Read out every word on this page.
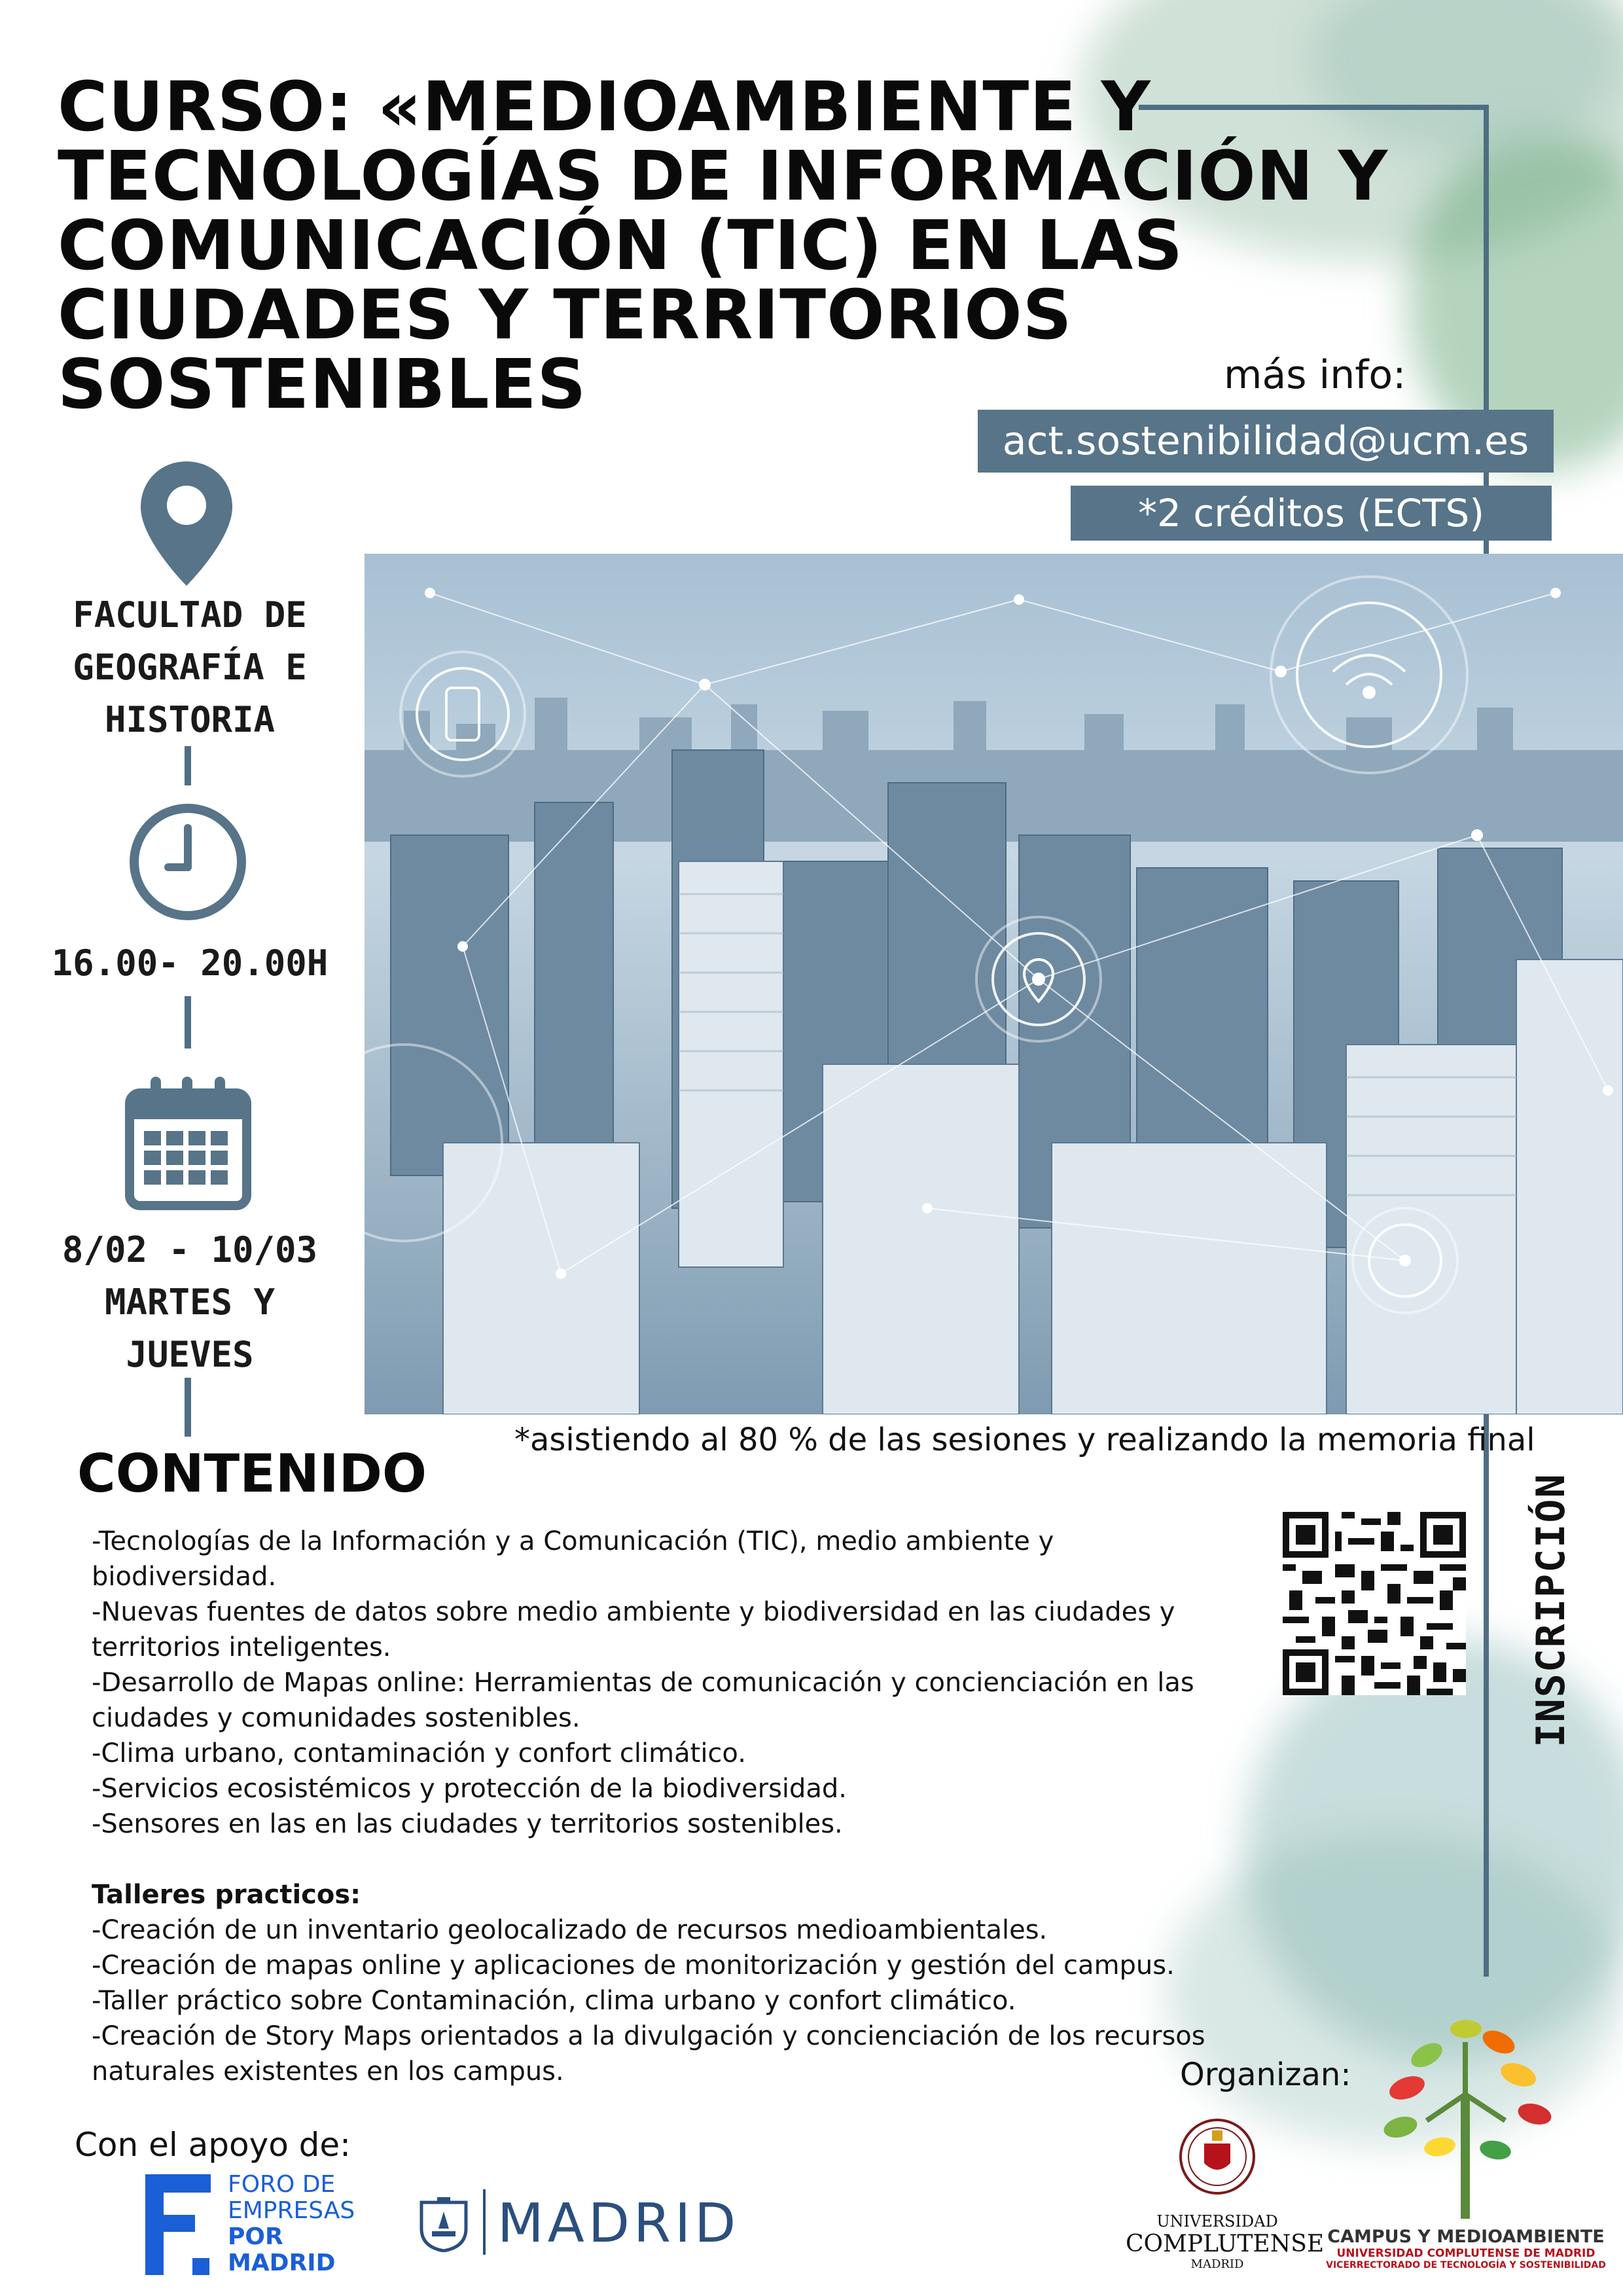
CURSO: «MEDIOAMBIENTE Y
TECNOLOGÍAS DE INFORMACIÓN Y
COMUNICACIÓN (TIC) EN LAS
CIUDADES Y TERRITORIOS
SOSTENIBLES	más info:
act.sostenibilidad@ucm.es
*2 créditos (ECTS)
FACULTAD DE
GEOGRAFÍA E
HISTORIA
16.00- 20.00H
8/02 - 10/03
MARTES Y
JUEVES
*asistiendo al 80 % de las sesiones y realizando la memoria final
CONTENIDO

-Tecnologías de la Información y a Comunicación (TIC), medio ambiente y biodiversidad.

-Nuevas fuentes de datos sobre medio ambiente y biodiversidad en las ciudades y territorios inteligentes.

-Desarrollo de Mapas online: Herramientas de comunicación y concienciación en las ciudades y comunidades sostenibles.

-Clima urbano, contaminación y confort climático.

-Servicios ecosistémicos y protección de la biodiversidad.

-Sensores en las en las ciudades y territorios sostenibles.

Talleres practicos:

-Creación de un inventario geolocalizado de recursos medioambientales.

-Creación de mapas online y aplicaciones de monitorización y gestión del campus.

-Taller práctico sobre Contaminación, clima urbano y confort climático.

-Creación de Story Maps orientados a la divulgación y concienciación de los recursos naturales existentes en los campus.

INSCRIPCIÓN
Organizan:
UNIVERSIDAD
COMPLUTENSE
MADRID
CAMPUS Y MEDIOAMBIENTE
UNIVERSIDAD COMPLUTENSE DE MADRID
VICERRECTORADO DE TECNOLOGÍA Y SOSTENIBILIDAD
Con el apoyo de:
FORO DE
EMPRESAS
POR
MADRID
MADRID
